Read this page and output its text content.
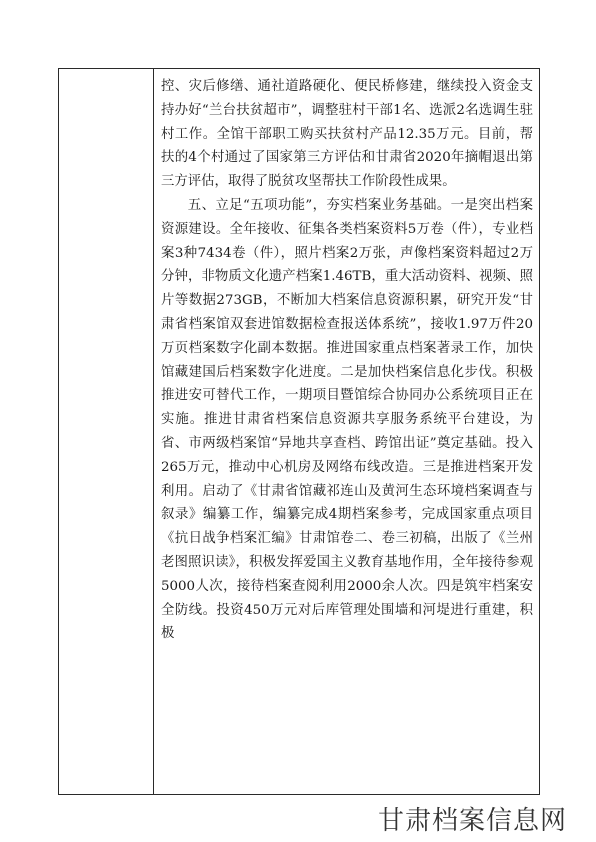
控、灾后修缮、通社道路硬化、便民桥修建，继续投入资金支持办好“兰台扶贫超市”，调整驻村干部1名、选派2名选调生驻村工作。全馆干部职工购买扶贫村产品12.35万元。目前，帮扶的4个村通过了国家第三方评估和甘肃省2020年摘帽退出第三方评估，取得了脱贫攻坚帮扶工作阶段性成果。

五、立足“五项功能”，夯实档案业务基础。一是突出档案资源建设。全年接收、征集各类档案资料5万卷（件），专业档案3种7434卷（件），照片档案2万张，声像档案资料超过2万分钟，非物质文化遗产档案1.46TB，重大活动资料、视频、照片等数据273GB，不断加大档案信息资源积累，研究开发“甘肃省档案馆双套进馆数据检查报送体系统”，接收1.97万件20万页档案数字化副本数据。推进国家重点档案著录工作，加快馆藏建国后档案数字化进度。二是加快档案信息化步伐。积极推进安可替代工作，一期项目暨馆综合协同办公系统项目正在实施。推进甘肃省档案信息资源共享服务系统平台建设，为省、市两级档案馆“异地共享查档、跨馆出证”奠定基础。投入265万元，推动中心机房及网络布线改造。三是推进档案开发利用。启动了《甘肃省馆藏祁连山及黄河生态环境档案调查与叙录》编纂工作，编纂完成4期档案参考，完成国家重点项目《抗日战争档案汇编》甘肃馆卷二、卷三初稿，出版了《兰州老图照识读》，积极发挥爱国主义教育基地作用，全年接待参观5000人次，接待档案查阅利用2000余人次。四是筑牢档案安全防线。投资450万元对后库管理处围墙和河堤进行重建，积极

甘肃档案信息网
